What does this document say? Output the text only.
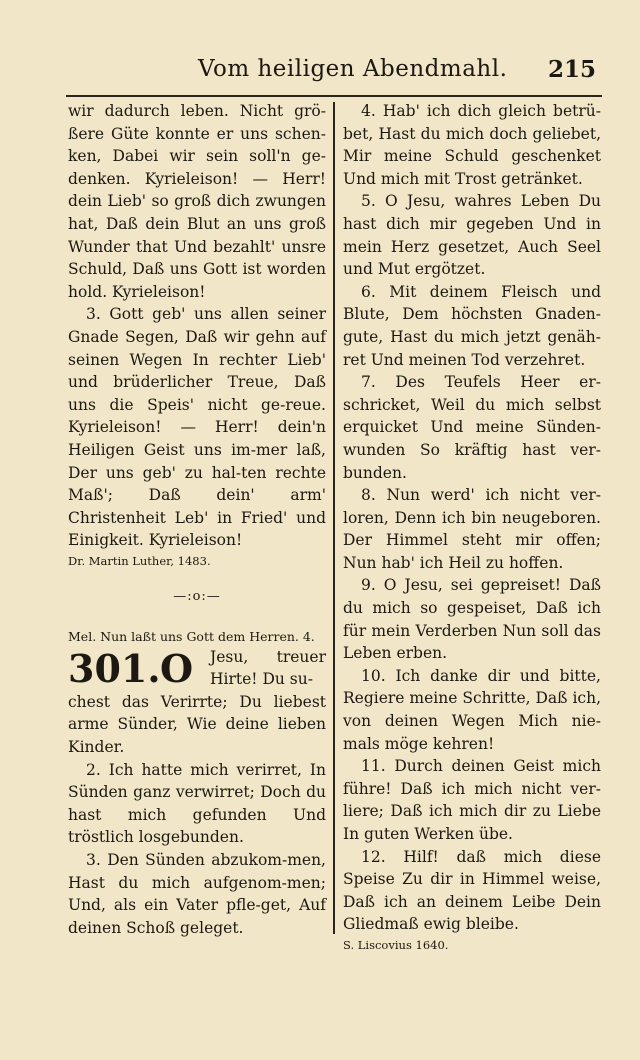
Vom heiligen Abendmahl. 215

wir dadurch leben. Nicht grö-ßere Güte konnte er uns schen-ken, Dabei wir sein soll'n ge-denken. Kyrieleison! — Herr! dein Lieb' so groß dich zwungen hat, Daß dein Blut an uns groß Wunder that Und bezahlt' unsre Schuld, Daß uns Gott ist worden hold. Kyrieleison!

3. Gott geb' uns allen seiner Gnade Segen, Daß wir gehn auf seinen Wegen In rechter Lieb' und brüderlicher Treue, Daß uns die Speis' nicht ge-reue. Kyrieleison! — Herr! dein'n Heiligen Geist uns im-mer laß, Der uns geb' zu hal-ten rechte Maß'; Daß dein' arm' Christenheit Leb' in Fried' und Einigkeit. Kyrieleison!

Dr. Martin Luther, 1483.

—:o:—

Mel. Nun laßt uns Gott dem Herren. 4.

301. O Jesu, treuer Hirte! Du su-

chest das Verirrte; Du liebest arme Sünder, Wie deine lieben Kinder.

2. Ich hatte mich verirret, In Sünden ganz verwirret; Doch du hast mich gefunden Und tröstlich losgebunden.

3. Den Sünden abzukom-men, Hast du mich aufgenom-men; Und, als ein Vater pfle-get, Auf deinen Schoß geleget.

4. Hab' ich dich gleich betrü-bet, Hast du mich doch geliebet, Mir meine Schuld geschenket Und mich mit Trost getränket.

5. O Jesu, wahres Leben Du hast dich mir gegeben Und in mein Herz gesetzet, Auch Seel und Mut ergötzet.

6. Mit deinem Fleisch und Blute, Dem höchsten Gnaden-gute, Hast du mich jetzt genäh-ret Und meinen Tod verzehret.

7. Des Teufels Heer er-schricket, Weil du mich selbst erquicket Und meine Sünden-wunden So kräftig hast ver-bunden.

8. Nun werd' ich nicht ver-loren, Denn ich bin neugeboren. Der Himmel steht mir offen; Nun hab' ich Heil zu hoffen.

9. O Jesu, sei gepreiset! Daß du mich so gespeiset, Daß ich für mein Verderben Nun soll das Leben erben.

10. Ich danke dir und bitte, Regiere meine Schritte, Daß ich, von deinen Wegen Mich nie-mals möge kehren!

11. Durch deinen Geist mich führe! Daß ich mich nicht ver-liere; Daß ich mich dir zu Liebe In guten Werken übe.

12. Hilf! daß mich diese Speise Zu dir in Himmel weise, Daß ich an deinem Leibe Dein Gliedmaß ewig bleibe.

S. Liscovius 1640.
